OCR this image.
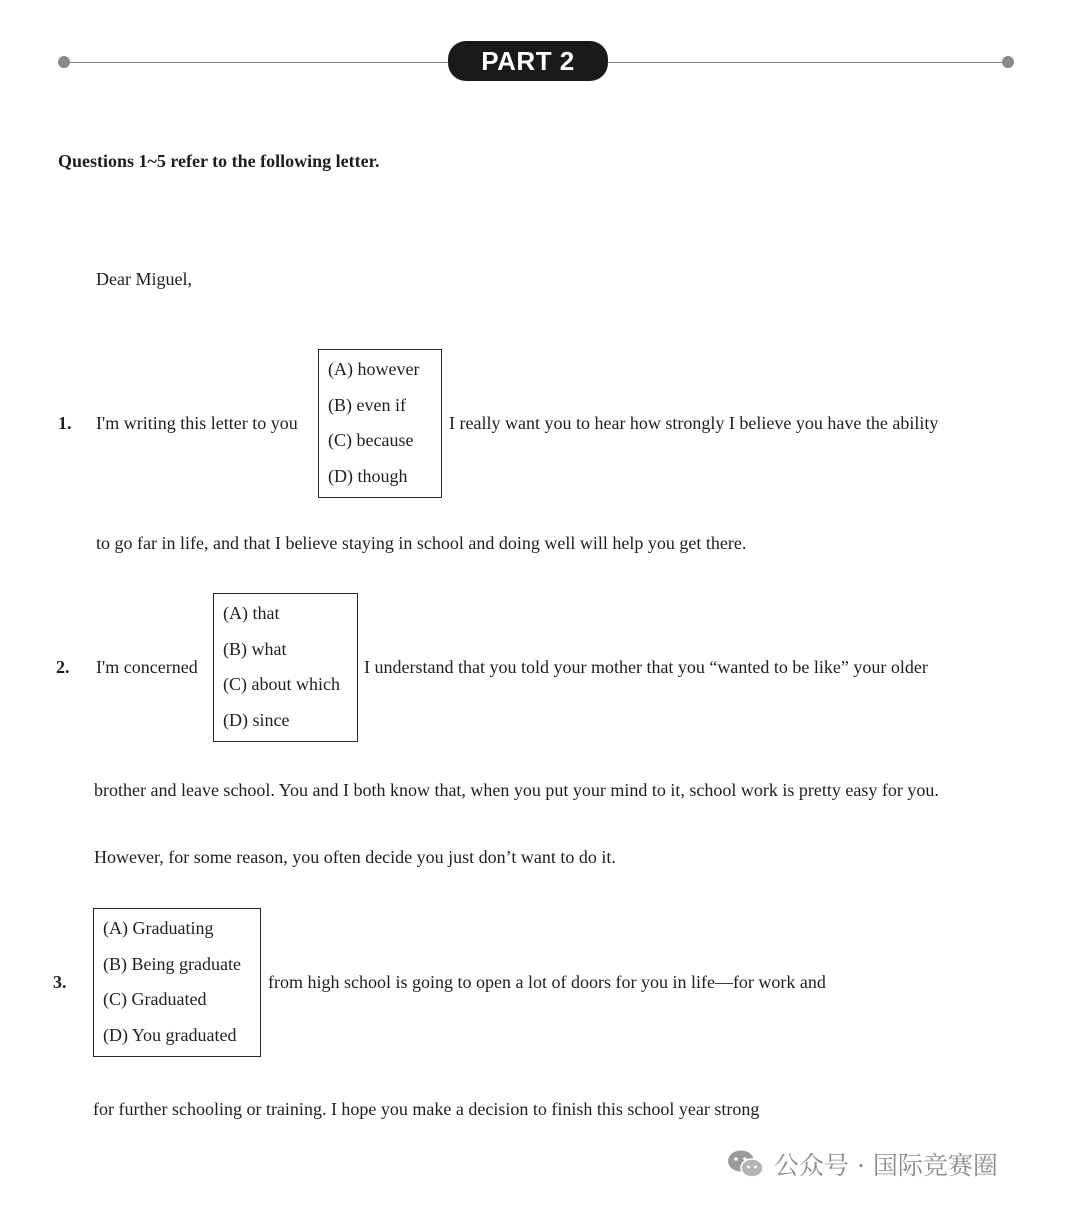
PART 2
Questions 1~5 refer to the following letter.
Dear Miguel,
1. I'm writing this letter to you
(A) however
(B) even if
(C) because
(D) though
I really want you to hear how strongly I believe you have the ability
to go far in life, and that I believe staying in school and doing well will help you get there.
2. I'm concerned
(A) that
(B) what
(C) about which
(D) since
I understand that you told your mother that you “wanted to be like” your older
brother and leave school. You and I both know that, when you put your mind to it, school work is pretty easy for you.
However, for some reason, you often decide you just don’t want to do it.
3.
(A) Graduating
(B) Being graduate
(C) Graduated
(D) You graduated
from high school is going to open a lot of doors for you in life—for work and
for further schooling or training. I hope you make a decision to finish this school year strong
公众号 · 国际竞赛圈
